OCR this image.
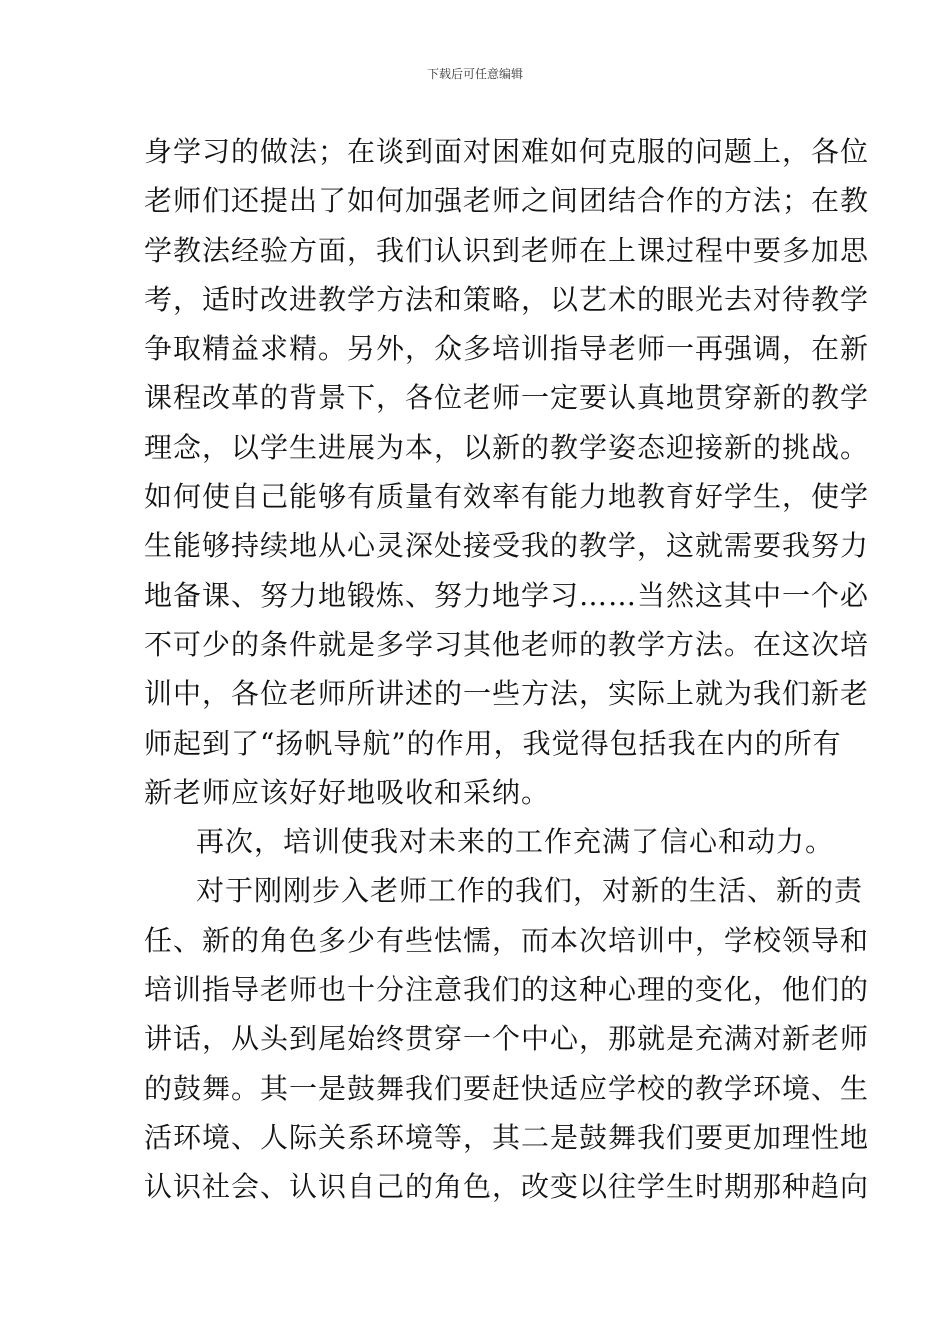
下载后可任意编辑
身学习的做法；在谈到面对困难如何克服的问题上，各位
老师们还提出了如何加强老师之间团结合作的方法；在教
学教法经验方面，我们认识到老师在上课过程中要多加思
考，适时改进教学方法和策略，以艺术的眼光去对待教学
争取精益求精。另外，众多培训指导老师一再强调，在新
课程改革的背景下，各位老师一定要认真地贯穿新的教学
理念，以学生进展为本，以新的教学姿态迎接新的挑战。
如何使自己能够有质量有效率有能力地教育好学生，使学
生能够持续地从心灵深处接受我的教学，这就需要我努力
地备课、努力地锻炼、努力地学习……当然这其中一个必
不可少的条件就是多学习其他老师的教学方法。在这次培
训中，各位老师所讲述的一些方法，实际上就为我们新老
师起到了“扬帆导航”的作用，我觉得包括我在内的所有
新老师应该好好地吸收和采纳。
再次，培训使我对未来的工作充满了信心和动力。
对于刚刚步入老师工作的我们，对新的生活、新的责
任、新的角色多少有些怯懦，而本次培训中，学校领导和
培训指导老师也十分注意我们的这种心理的变化，他们的
讲话，从头到尾始终贯穿一个中心，那就是充满对新老师
的鼓舞。其一是鼓舞我们要赶快适应学校的教学环境、生
活环境、人际关系环境等，其二是鼓舞我们要更加理性地
认识社会、认识自己的角色，改变以往学生时期那种趋向
